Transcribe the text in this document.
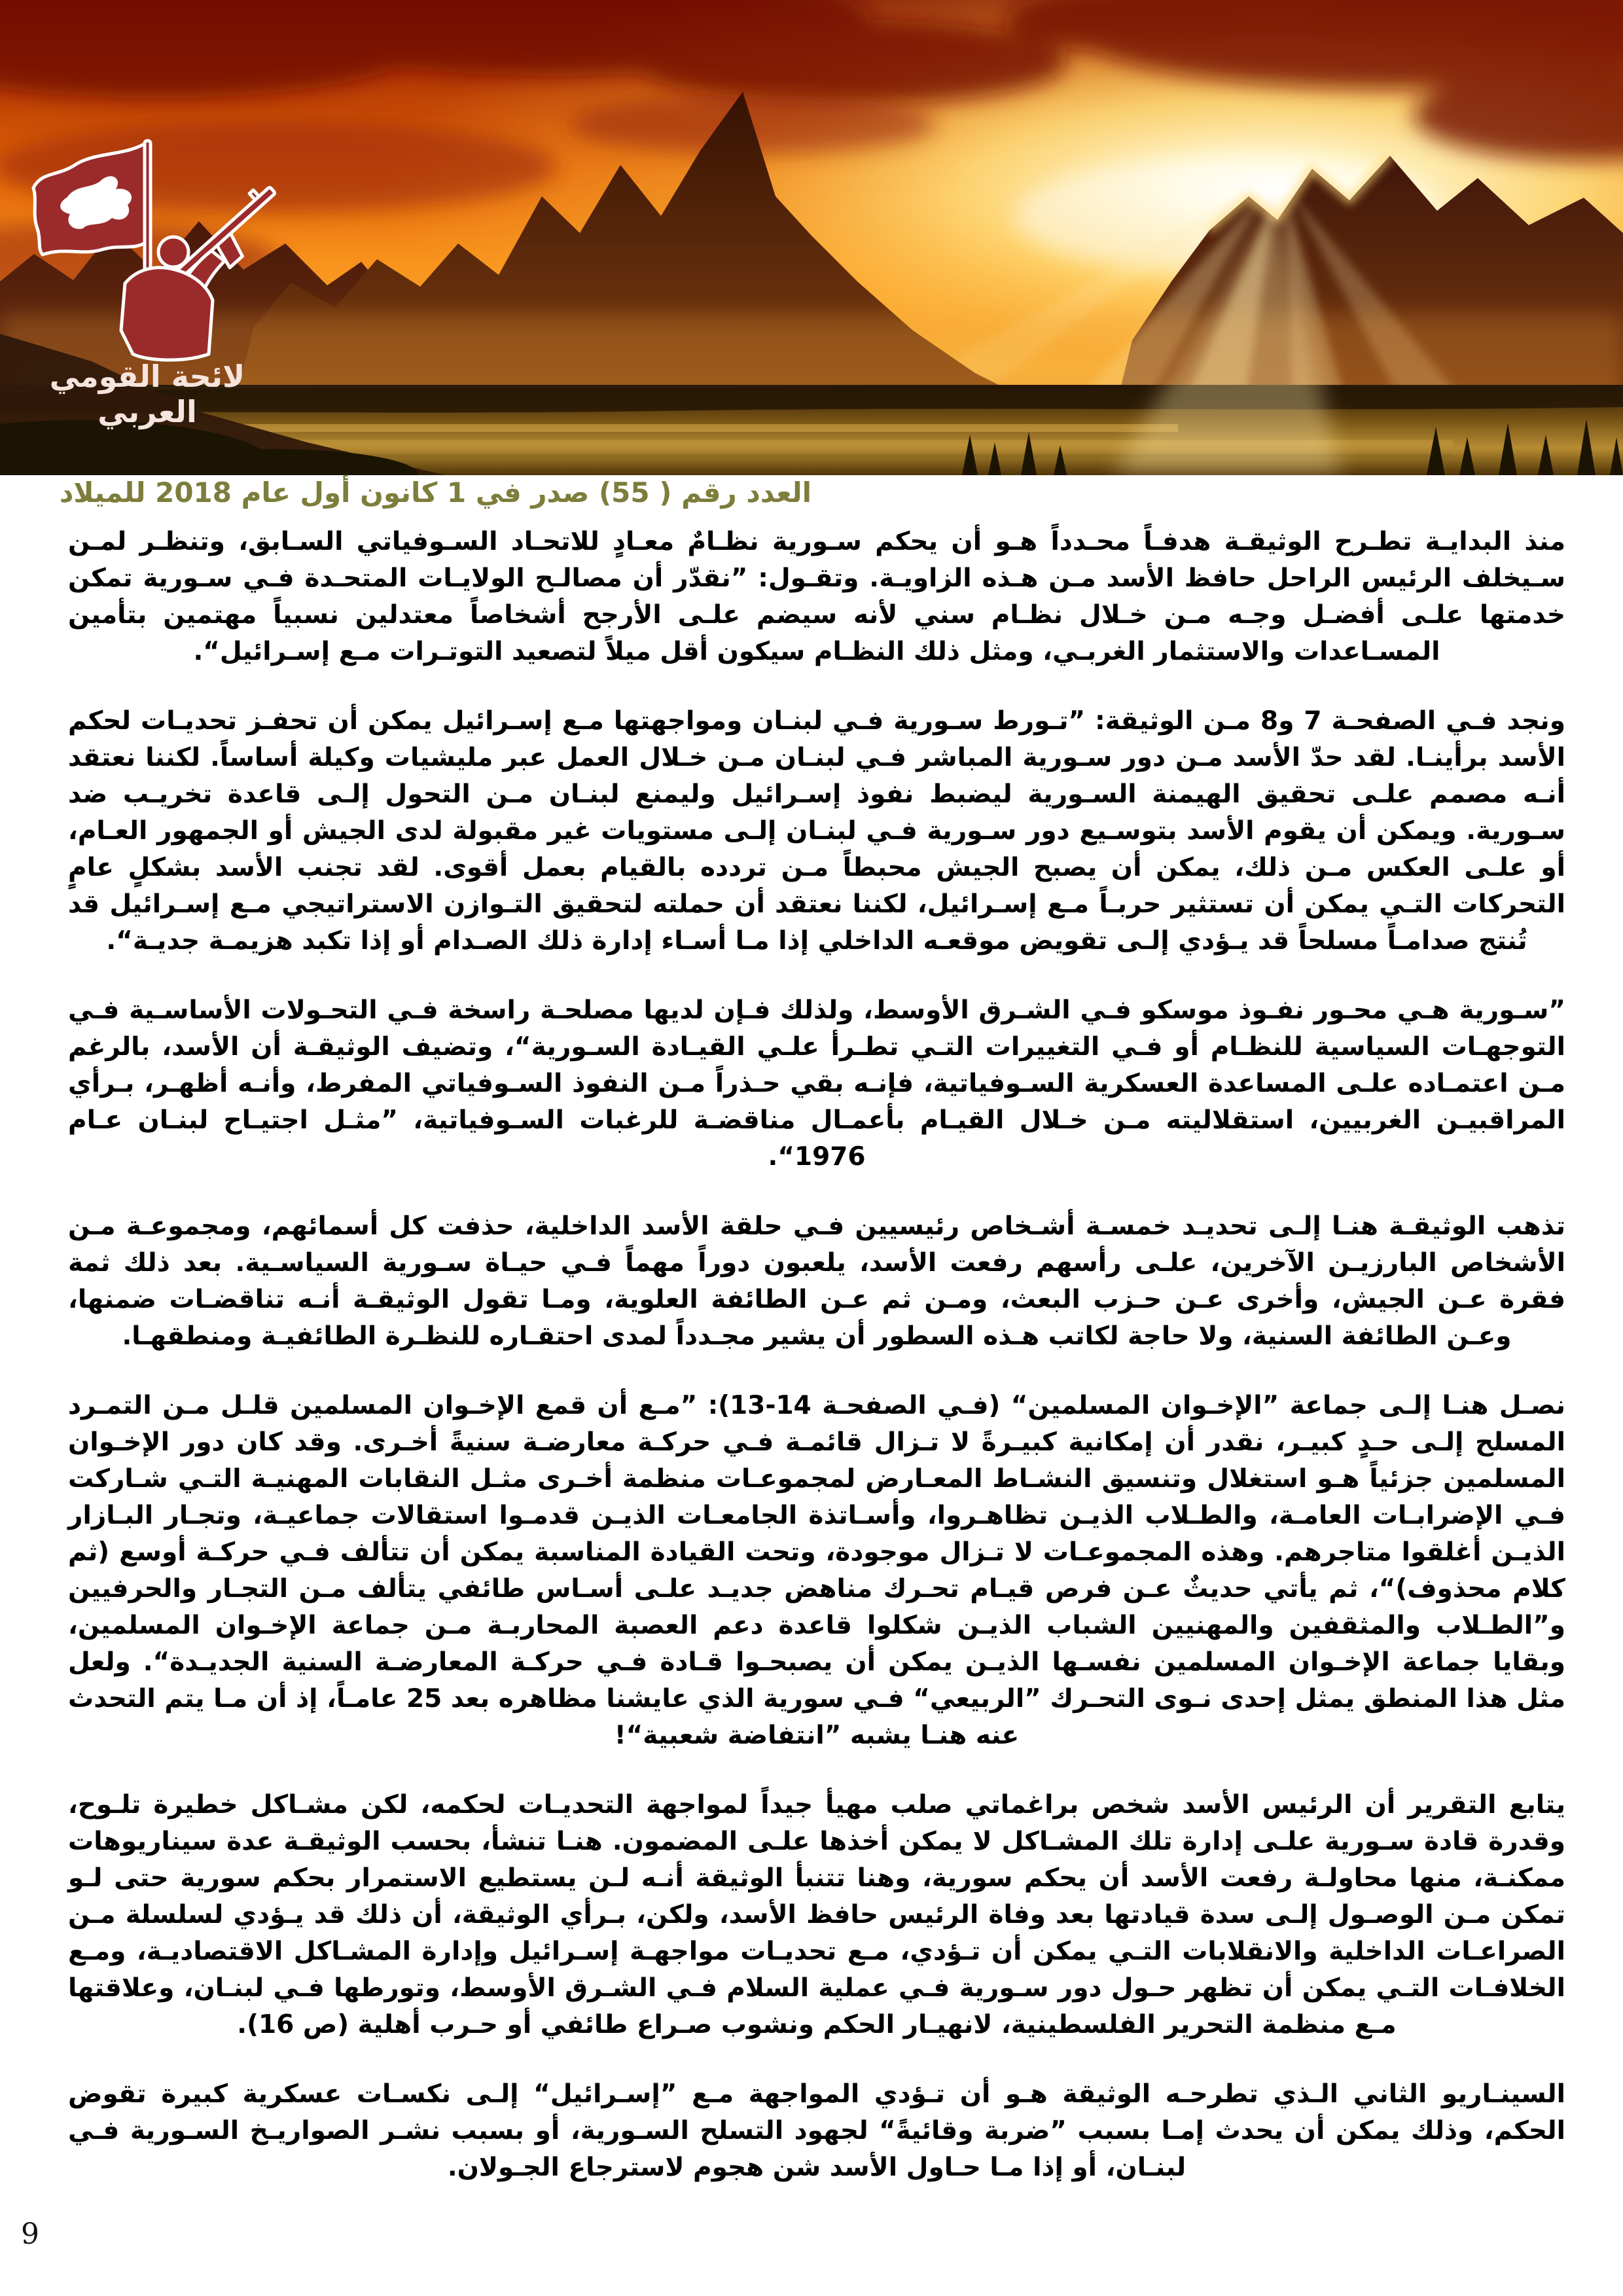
لائحة القومي العربي
العدد رقم ( 55) صدر في 1 كانون أول عام 2018 للميلاد

منذ البدايـة تطـرح الوثيقـة هدفـاً محـدداً هـو أن يحكم سـورية نظـامٌ معـادٍ للاتحـاد السـوفياتي السـابق، وتنظـر لمـن سـيخلف الرئيس الراحل حافظ الأسد مـن هـذه الزاويـة. وتقـول: ”نقدّر أن مصالـح الولايـات المتحـدة فـي سـورية تمكن خدمتها علـى أفضـل وجـه مـن خـلال نظـام سني لأنه سيضم علـى الأرجح أشخاصاً معتدلين نسبياً مهتمين بتأمين المسـاعدات والاستثمار الغربـي، ومثل ذلك النظـام سيكون أقل ميلاً لتصعيد التوتـرات مـع إسـرائيل“.

ونجد فـي الصفحـة 7 و8 مـن الوثيقة: ”تـورط سـورية فـي لبنـان ومواجهتها مـع إسـرائيل يمكن أن تحفـز تحديـات لحكم الأسد برأينـا. لقد حدّ الأسد مـن دور سـورية المباشر فـي لبنـان مـن خـلال العمل عبر مليشيات وكيلة أساساً. لكننا نعتقد أنـه مصمم علـى تحقيق الهيمنة السـورية ليضبط نفوذ إسـرائيل وليمنع لبنـان مـن التحول إلـى قاعدة تخريـب ضد سـورية. ويمكن أن يقوم الأسد بتوسـيع دور سـورية فـي لبنـان إلـى مستويات غير مقبولة لدى الجيش أو الجمهور العـام، أو علـى العكس مـن ذلك، يمكن أن يصبح الجيش محبطاً مـن تردده بالقيام بعمل أقوى. لقد تجنب الأسد بشكلٍ عامٍ التحركات التـي يمكن أن تستثير حربـاً مـع إسـرائيل، لكننا نعتقد أن حملته لتحقيق التـوازن الاستراتيجي مـع إسـرائيل قد تُنتج صدامـاً مسلحاً قد يـؤدي إلـى تقويض موقعـه الداخلي إذا مـا أسـاء إدارة ذلك الصـدام أو إذا تكبد هزيمـة جديـة“.

”سـورية هـي محـور نفـوذ موسكو فـي الشـرق الأوسط، ولذلك فـإن لديها مصلحـة راسخة فـي التحـولات الأساسـية فـي التوجهـات السياسية للنظـام أو فـي التغييرات التـي تطـرأ علـي القيـادة السـورية“، وتضيف الوثيقـة أن الأسد، بالرغم مـن اعتمـاده علـى المساعدة العسكرية السـوفياتية، فإنـه بقي حـذراً مـن النفوذ السـوفياتي المفرط، وأنـه أظهـر، بـرأي المراقبيـن الغربيين، استقلاليته مـن خـلال القيـام بأعمـال مناقضـة للرغبات السـوفياتية، ”مثـل اجتيـاح لبنـان عـام 1976“.

تذهب الوثيقـة هنـا إلـى تحديـد خمسـة أشـخاص رئيسيين فـي حلقة الأسد الداخلية، حذفت كل أسمائهم، ومجموعـة مـن الأشخاص البارزيـن الآخرين، علـى رأسهم رفعت الأسد، يلعبون دوراً مهماً فـي حيـاة سـورية السياسـية. بعد ذلك ثمة فقرة عـن الجيش، وأخرى عـن حـزب البعث، ومـن ثم عـن الطائفة العلوية، ومـا تقول الوثيقـة أنـه تناقضـات ضمنها، وعـن الطائفة السنية، ولا حاجة لكاتب هـذه السطور أن يشير مجـدداً لمدى احتقـاره للنظـرة الطائفيـة ومنطقهـا.

نصـل هنـا إلـى جماعة ”الإخـوان المسلمين“ (فـي الصفحـة 14-13): ”مـع أن قمع الإخـوان المسلمين قلـل مـن التمـرد المسلح إلـى حـدٍ كبيـر، نقدر أن إمكانية كبيـرةً لا تـزال قائمـة فـي حركـة معارضـة سنيةً أخـرى. وقد كان دور الإخـوان المسلمين جزئياً هـو استغلال وتنسيق النشـاط المعـارض لمجموعـات منظمة أخـرى مثـل النقابات المهنيـة التـي شـاركت فـي الإضرابـات العامـة، والطـلاب الذيـن تظاهـروا، وأسـاتذة الجامعـات الذيـن قدمـوا استقالات جماعيـة، وتجـار البـازار الذيـن أغلقوا متاجرهم. وهذه المجموعـات لا تـزال موجودة، وتحت القيادة المناسبة يمكن أن تتألف فـي حركـة أوسع (ثم كلام محذوف)“، ثم يأتي حديثٌ عـن فرص قيـام تحـرك مناهض جديـد علـى أسـاس طائفي يتألف مـن التجـار والحرفيين و”الطـلاب والمثقفين والمهنيين الشباب الذيـن شكلوا قاعدة دعم العصبة المحاربـة مـن جماعة الإخـوان المسلمين، وبقايا جماعة الإخـوان المسلمين نفسـها الذيـن يمكن أن يصبحـوا قـادة فـي حركـة المعارضـة السنية الجديـدة“. ولعل مثل هذا المنطق يمثل إحدى نـوى التحـرك ”الربيعي“ فـي سورية الذي عايشنا مظاهره بعد 25 عامـاً، إذ أن مـا يتم التحدث عنه هنـا يشبه ”انتفاضة شعبية“!

يتابع التقرير أن الرئيس الأسد شخص براغماتي صلب مهيأ جيداً لمواجهة التحديـات لحكمه، لكن مشـاكل خطيرة تلـوح، وقدرة قادة سـورية علـى إدارة تلك المشـاكل لا يمكن أخذها علـى المضمون. هنـا تنشأ، بحسب الوثيقـة عدة سيناريوهات ممكنـة، منها محاولـة رفعت الأسد أن يحكم سورية، وهنا تتنبأ الوثيقة أنـه لـن يستطيع الاستمرار بحكم سورية حتى لـو تمكن مـن الوصـول إلـى سدة قيادتها بعد وفاة الرئيس حافظ الأسد، ولكن، بـرأي الوثيقة، أن ذلك قد يـؤدي لسلسلة مـن الصراعـات الداخلية والانقلابات التـي يمكن أن تـؤدي، مـع تحديـات مواجهـة إسـرائيل وإدارة المشـاكل الاقتصاديـة، ومـع الخلافـات التـي يمكن أن تظهر حـول دور سـورية فـي عملية السلام فـي الشـرق الأوسط، وتورطها فـي لبنـان، وعلاقتها مـع منظمة التحرير الفلسطينية، لانهيـار الحكم ونشوب صـراع طائفي أو حـرب أهلية (ص 16).

السينـاريو الثاني الـذي تطرحـه الوثيقة هـو أن تـؤدي المواجهة مـع ”إسـرائيل“ إلـى نكسـات عسكرية كبيرة تقوض الحكم، وذلك يمكن أن يحدث إمـا بسبب ”ضربة وقائيةً“ لجهود التسلح السـورية، أو بسبب نشـر الصواريـخ السـورية فـي لبنـان، أو إذا مـا حـاول الأسد شن هجوم لاسترجاع الجـولان.

9
